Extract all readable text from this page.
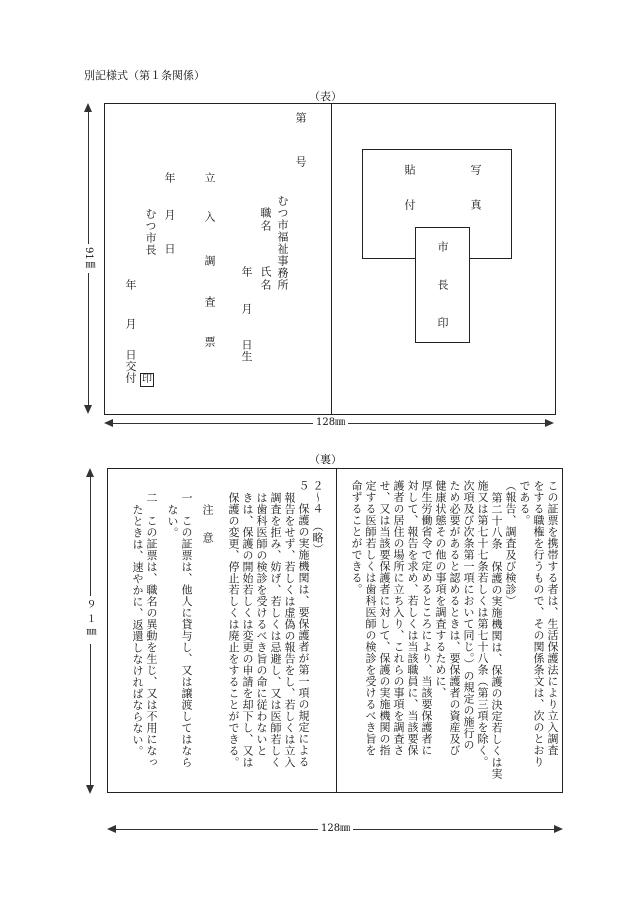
別記様式（第１条関係）
（表）
第
号
むつ市福祉事務所
職名
氏名
年
月
日生
立
入
調
査
票
年
月
日
むつ市長
年
月
日交付 印
貼	写
付	真
市
長
印
128㎜
91㎜
（裏）
この証票を携帯する者は、生活保護法により立入調査
をする職権を行うもので、その関係条文は、次のとおり
である。
（報告、調査及び検診）
第二十八条　保護の実施機関は、保護の決定若しくは実
施又は第七十七条若しくは第七十八条（第三項を除く。
次項及び次条第一項において同じ。）の規定の施行の
ため必要があると認めるときは、要保護者の資産及び
健康状態その他の事項を調査するために、
厚生労働省令で定めるところにより、当該要保護者に
対して、報告を求め、若しくは当該職員に、当該要保
護者の居住の場所に立ち入り、これらの事項を調査さ
せ、又は当該要保護者に対して、保護の実施機関の指
定する医師若しくは歯科医師の検診を受けるべき旨を
命ずることができる。
２～４　（略）
５　保護の実施機関は、要保護者が第一項の規定による
報告をせず、若しくは虚偽の報告をし、若しくは立入
調査を拒み、妨げ、若しくは忌避し、又は医師若しく
は歯科医師の検診を受けるべき旨の命に従わないと
きは、保護の開始若しくは変更の申請を却下し、又は
保護の変更、停止若しくは廃止をすることができる。
注　意
一　この証票は、他人に貸与し、又は譲渡してはなら
ない。
二　この証票は、職名の異動を生じ、又は不用になっ
たときは、速やかに、返還しなければならない。
９１㎜
128㎜
